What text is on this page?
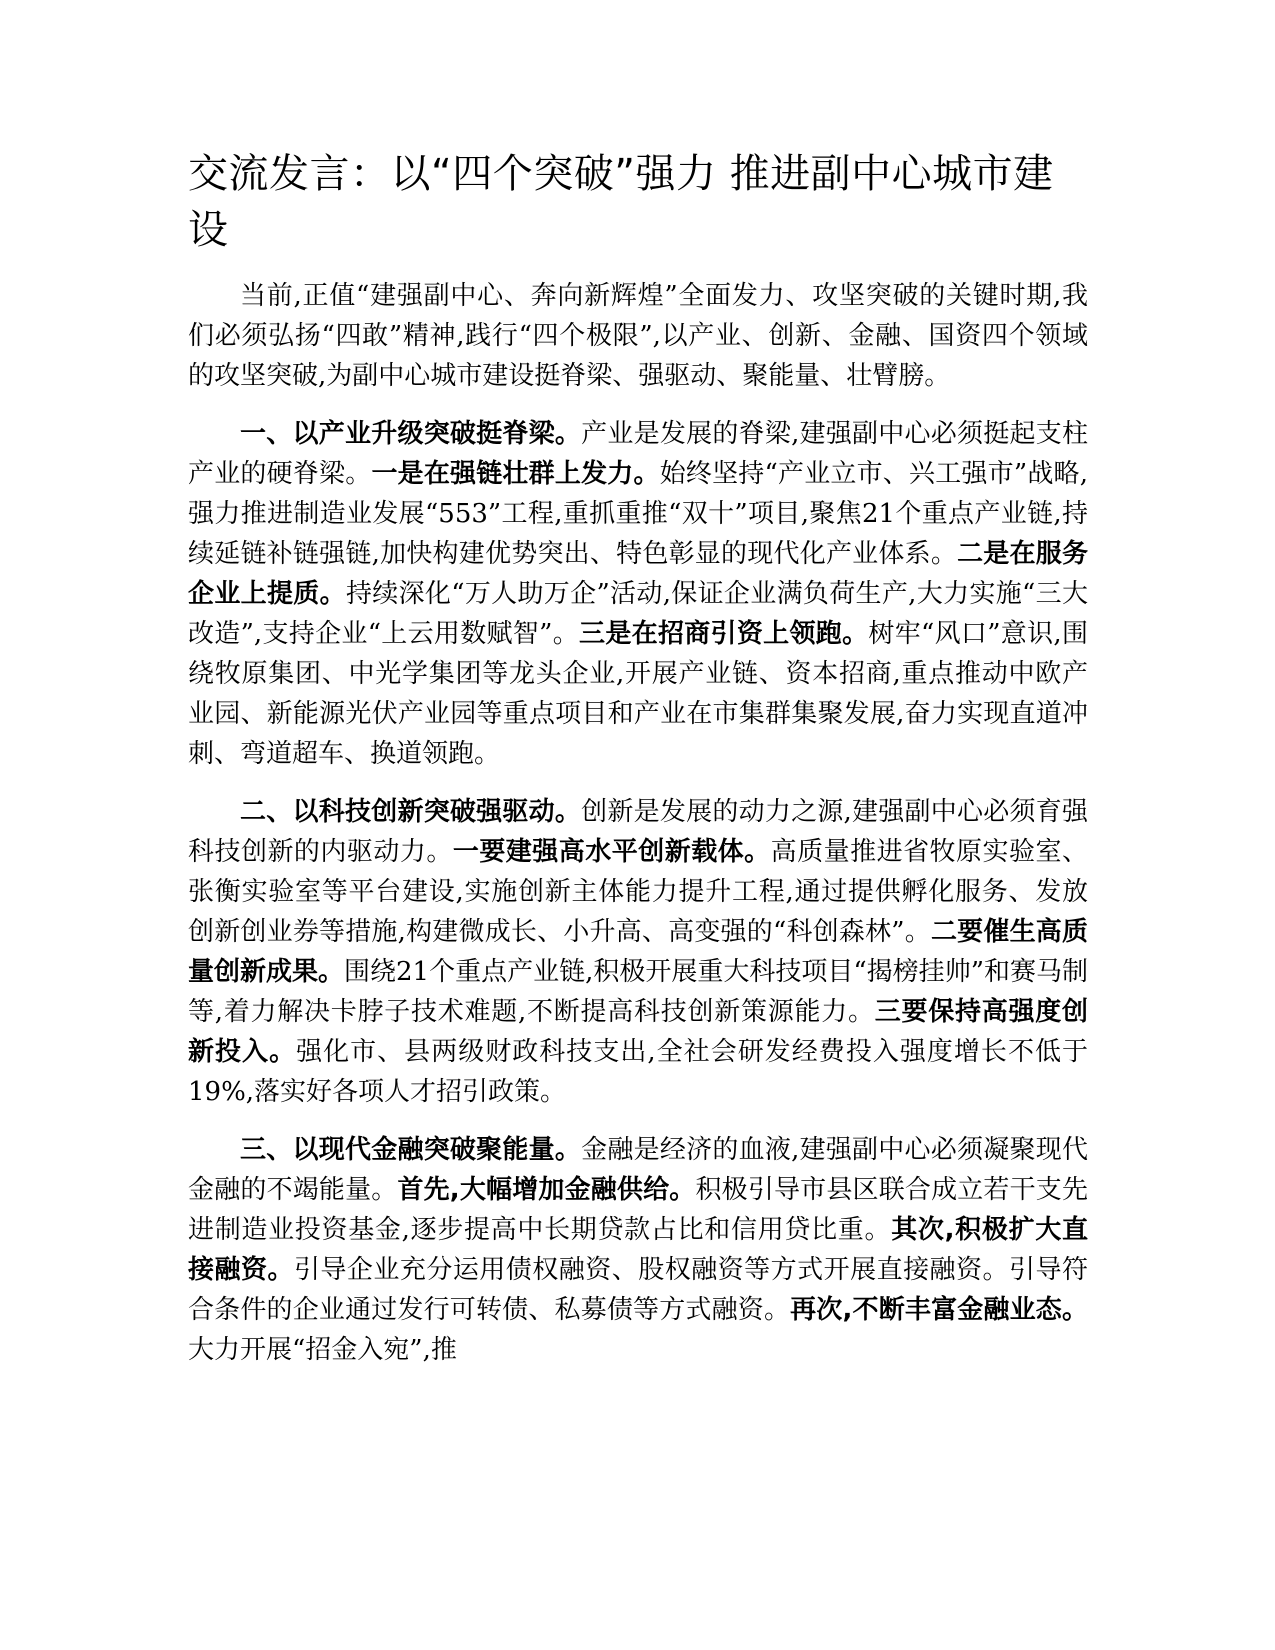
交流发言：以“四个突破”强力 推进副中心城市建设

当前,正值“建强副中心、奔向新辉煌”全面发力、攻坚突破的关键时期,我们必须弘扬“四敢”精神,践行“四个极限”,以产业、创新、金融、国资四个领域的攻坚突破,为副中心城市建设挺脊梁、强驱动、聚能量、壮臂膀。

一、以产业升级突破挺脊梁。产业是发展的脊梁,建强副中心必须挺起支柱产业的硬脊梁。一是在强链壮群上发力。始终坚持“产业立市、兴工强市”战略,强力推进制造业发展“553”工程,重抓重推“双十”项目,聚焦21个重点产业链,持续延链补链强链,加快构建优势突出、特色彰显的现代化产业体系。二是在服务企业上提质。持续深化“万人助万企”活动,保证企业满负荷生产,大力实施“三大改造”,支持企业“上云用数赋智”。三是在招商引资上领跑。树牢“风口”意识,围绕牧原集团、中光学集团等龙头企业,开展产业链、资本招商,重点推动中欧产业园、新能源光伏产业园等重点项目和产业在市集群集聚发展,奋力实现直道冲刺、弯道超车、换道领跑。

二、以科技创新突破强驱动。创新是发展的动力之源,建强副中心必须育强科技创新的内驱动力。一要建强高水平创新载体。高质量推进省牧原实验室、张衡实验室等平台建设,实施创新主体能力提升工程,通过提供孵化服务、发放创新创业券等措施,构建微成长、小升高、高变强的“科创森林”。二要催生高质量创新成果。围绕21个重点产业链,积极开展重大科技项目“揭榜挂帅”和赛马制等,着力解决卡脖子技术难题,不断提高科技创新策源能力。三要保持高强度创新投入。强化市、县两级财政科技支出,全社会研发经费投入强度增长不低于19%,落实好各项人才招引政策。

三、以现代金融突破聚能量。金融是经济的血液,建强副中心必须凝聚现代金融的不竭能量。首先,大幅增加金融供给。积极引导市县区联合成立若干支先进制造业投资基金,逐步提高中长期贷款占比和信用贷比重。其次,积极扩大直接融资。引导企业充分运用债权融资、股权融资等方式开展直接融资。引导符合条件的企业通过发行可转债、私募债等方式融资。再次,不断丰富金融业态。大力开展“招金入宛”,推
